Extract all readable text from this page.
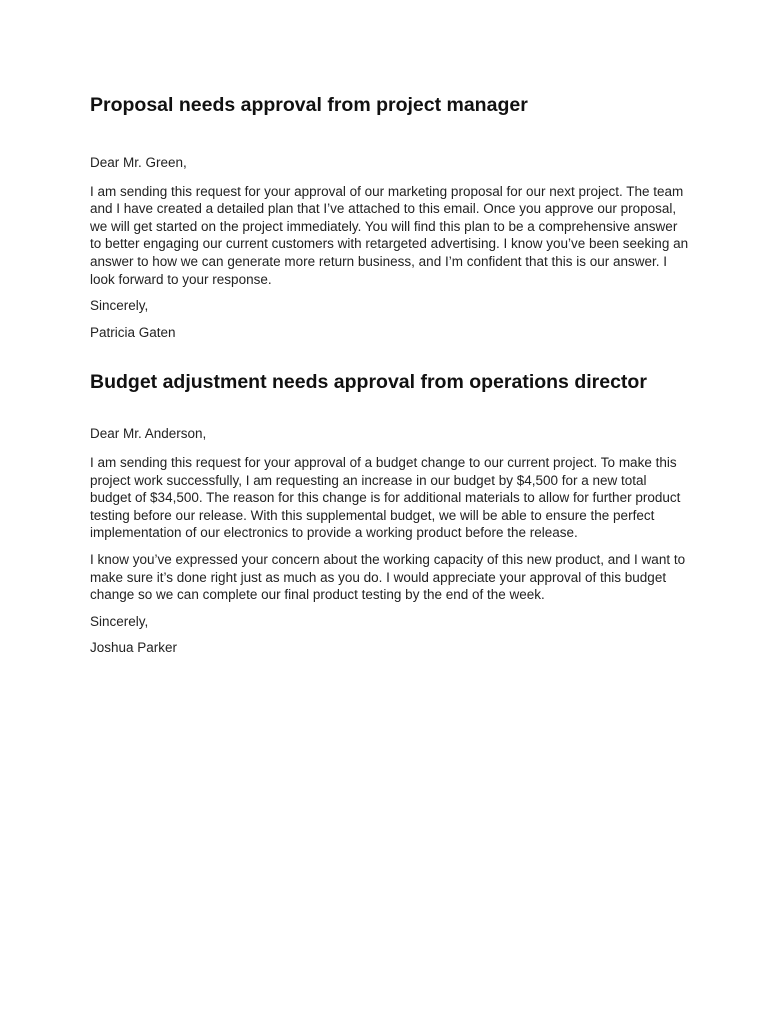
Proposal needs approval from project manager

Dear Mr. Green,

I am sending this request for your approval of our marketing proposal for our next project. The team and I have created a detailed plan that I’ve attached to this email. Once you approve our proposal, we will get started on the project immediately. You will find this plan to be a comprehensive answer to better engaging our current customers with retargeted advertising. I know you’ve been seeking an answer to how we can generate more return business, and I’m confident that this is our answer. I look forward to your response.

Sincerely,

Patricia Gaten

Budget adjustment needs approval from operations director

Dear Mr. Anderson,

I am sending this request for your approval of a budget change to our current project. To make this project work successfully, I am requesting an increase in our budget by $4,500 for a new total budget of $34,500. The reason for this change is for additional materials to allow for further product testing before our release. With this supplemental budget, we will be able to ensure the perfect implementation of our electronics to provide a working product before the release.

I know you’ve expressed your concern about the working capacity of this new product, and I want to make sure it’s done right just as much as you do. I would appreciate your approval of this budget change so we can complete our final product testing by the end of the week.

Sincerely,

Joshua Parker
